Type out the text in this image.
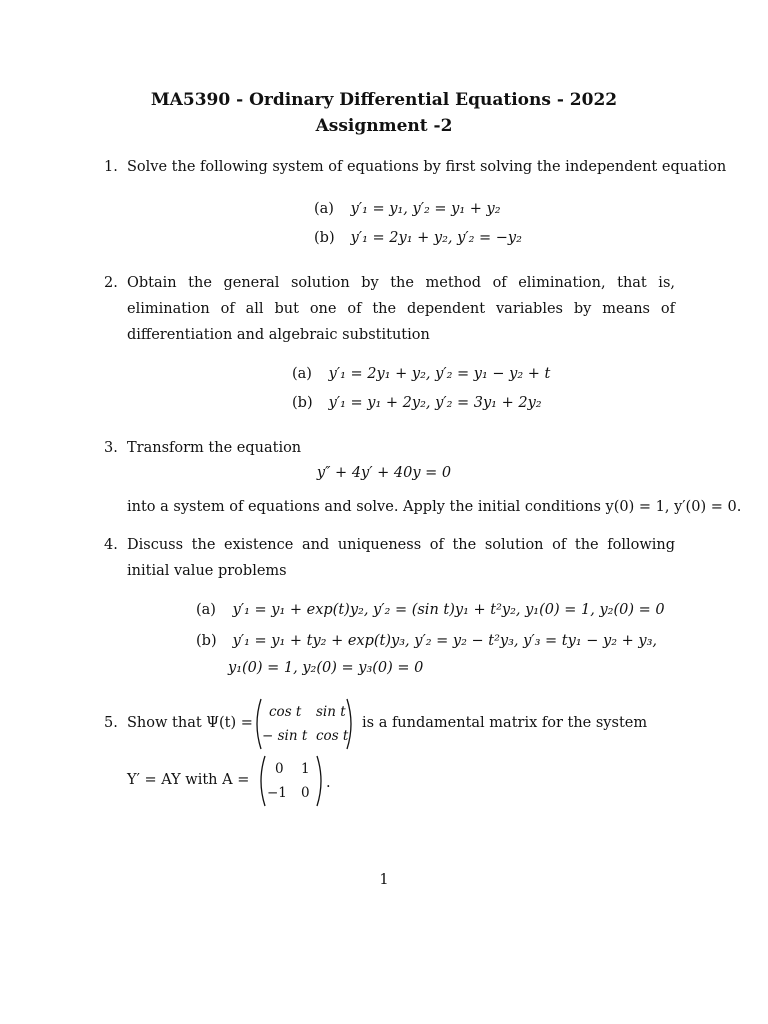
MA5390 - Ordinary Differential Equations - 2022
Assignment -2
1. Solve the following system of equations by first solving the independent equation
(a) y′₁ = y₁, y′₂ = y₁ + y₂
(b) y′₁ = 2y₁ + y₂, y′₂ = −y₂
2. Obtain the general solution by the method of elimination, that is, elimination of all but one of the dependent variables by means of differentiation and algebraic substitution
(a) y′₁ = 2y₁ + y₂, y′₂ = y₁ − y₂ + t
(b) y′₁ = y₁ + 2y₂, y′₂ = 3y₁ + 2y₂
3. Transform the equation
y″ + 4y′ + 40y = 0
into a system of equations and solve. Apply the initial conditions y(0) = 1, y′(0) = 0.
4. Discuss the existence and uniqueness of the solution of the following initial value problems
(a) y′₁ = y₁ + exp(t)y₂, y′₂ = (sin t)y₁ + t²y₂, y₁(0) = 1, y₂(0) = 0
(b) y′₁ = y₁ + ty₂ + exp(t)y₃, y′₂ = y₂ − t²y₃, y′₃ = ty₁ − y₂ + y₃,
y₁(0) = 1, y₂(0) = y₃(0) = 0
5. Show that Ψ(t) =
cos t sin t
− sin t cos t
is a fundamental matrix for the system
Y′ = AY with A =
0 1
−1 0
.
1
